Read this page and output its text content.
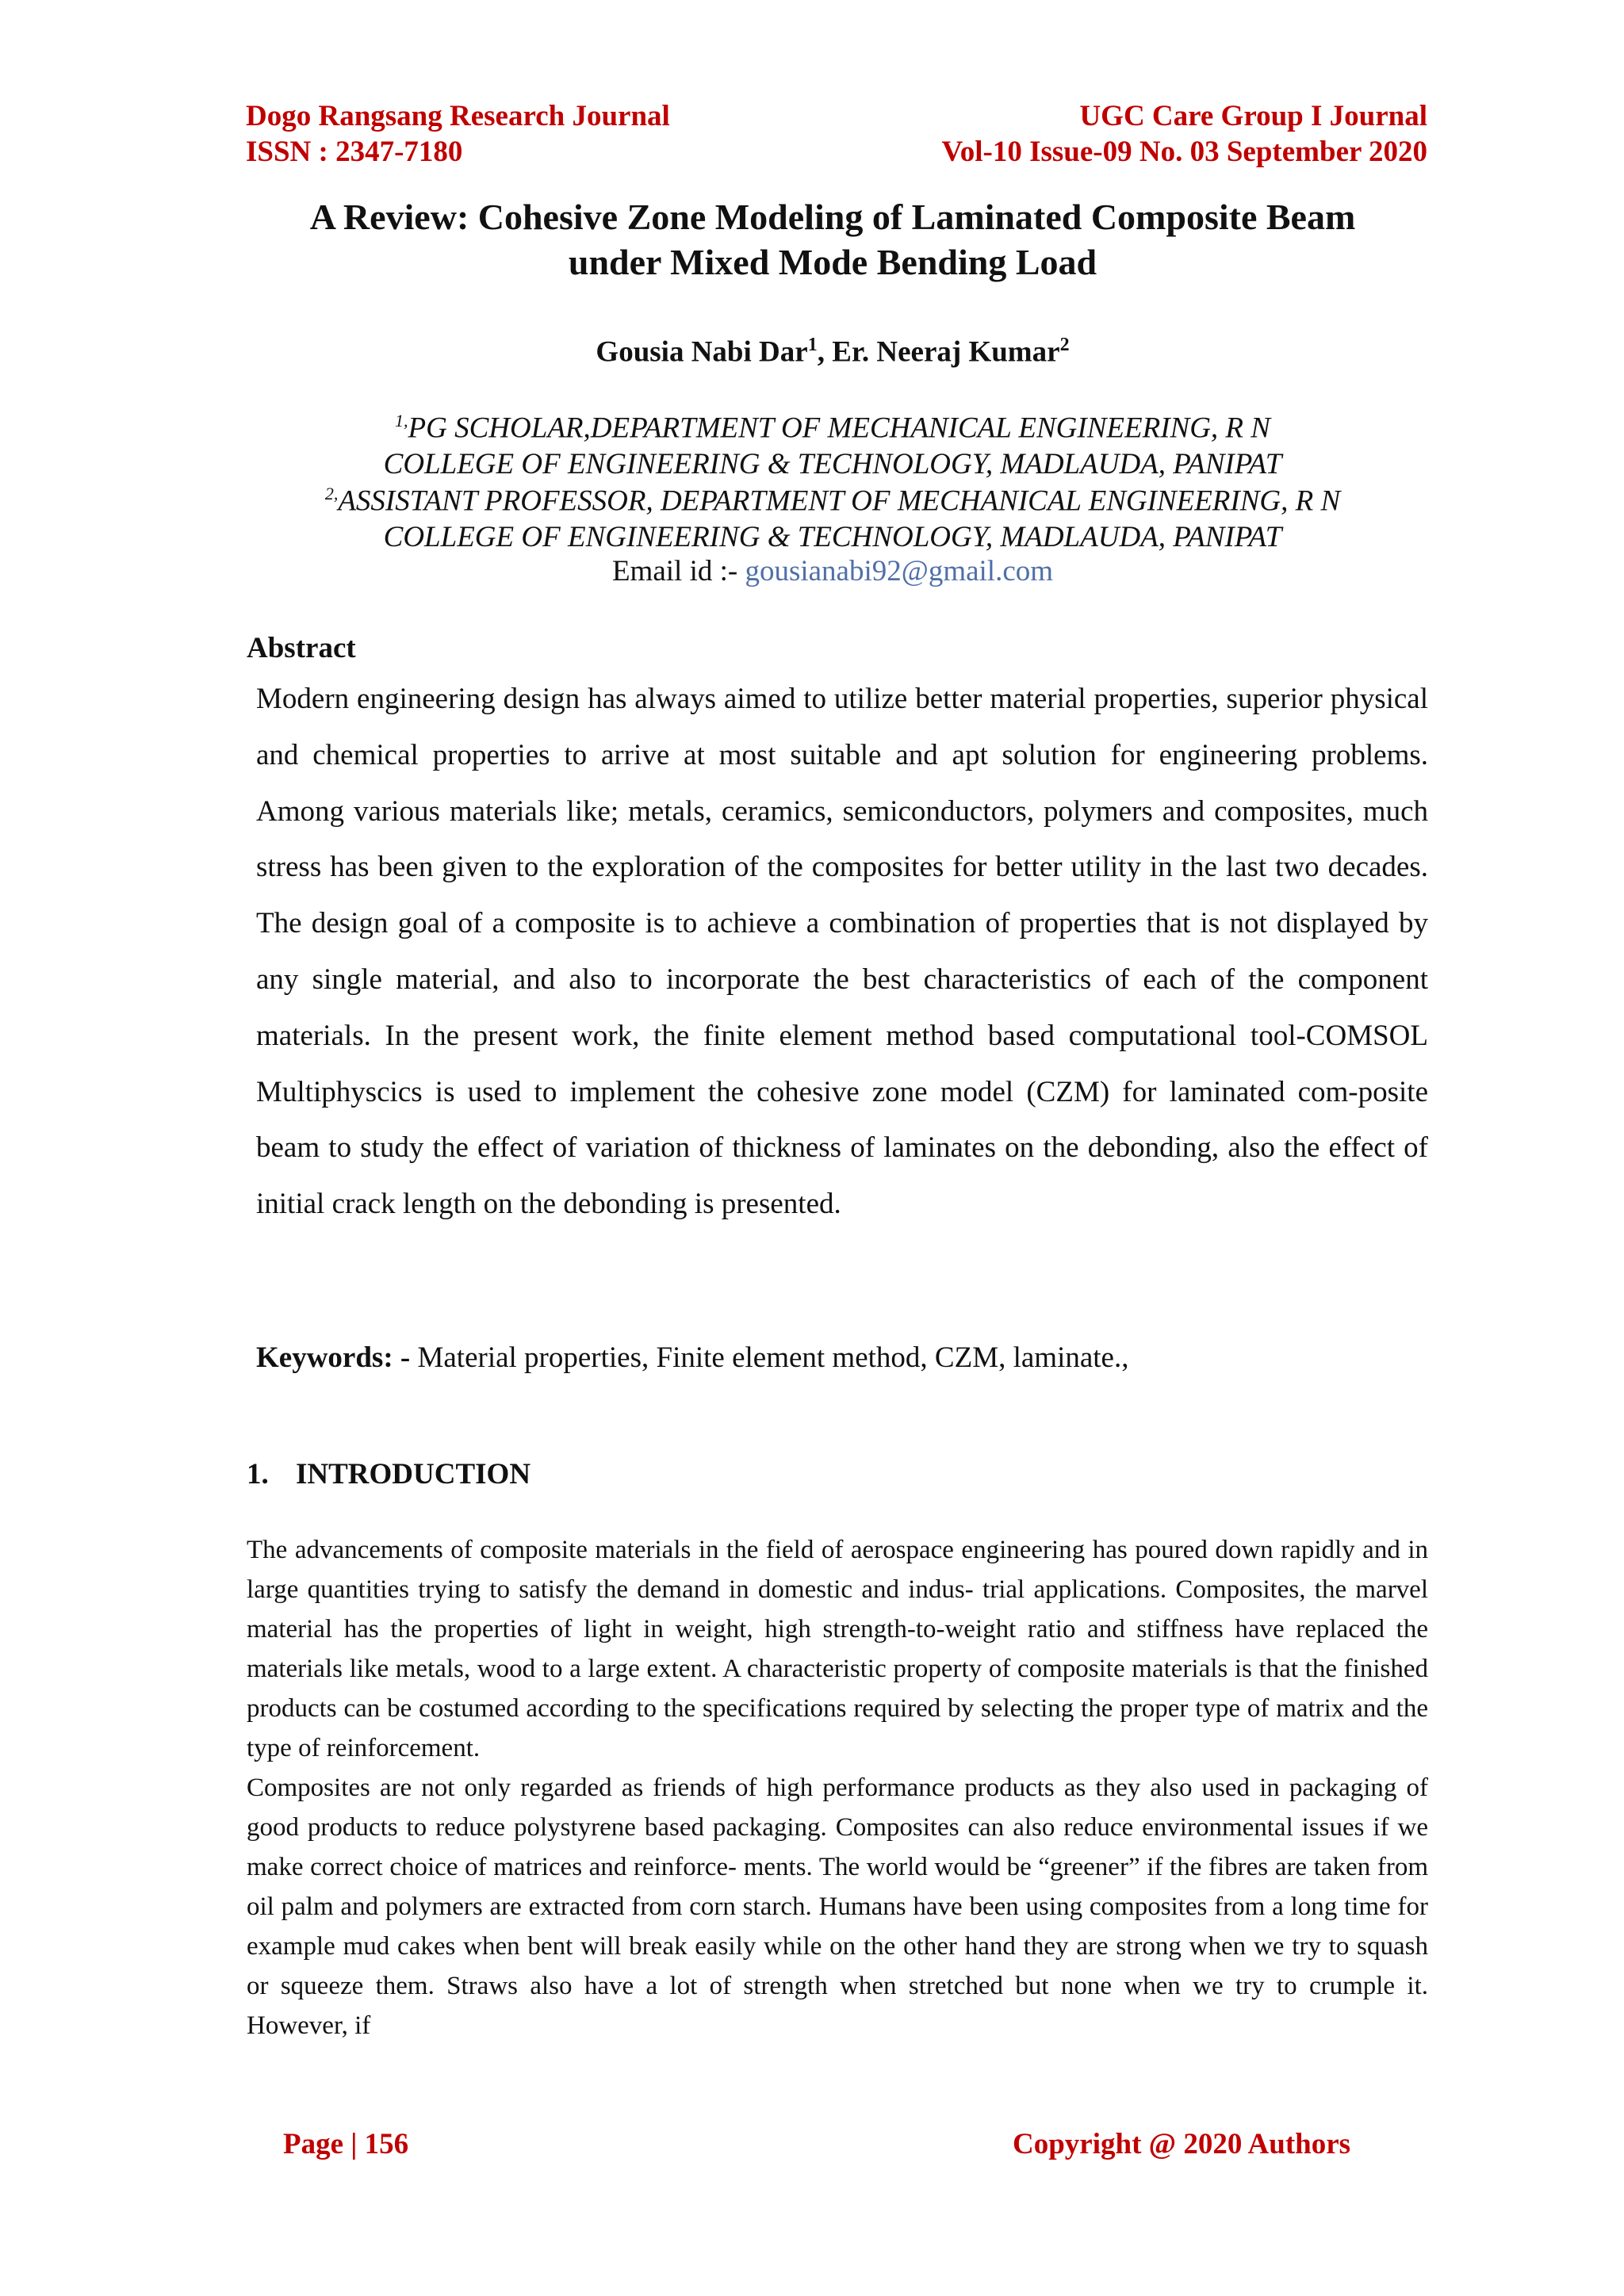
Dogo Rangsang Research Journal	UGC Care Group I Journal
ISSN : 2347-7180	Vol-10 Issue-09 No. 03 September 2020
A Review: Cohesive Zone Modeling of Laminated Composite Beam
under Mixed Mode Bending Load
Gousia Nabi Dar$^1$, Er. Neeraj Kumar$^2$
$^{1,}$PG SCHOLAR,DEPARTMENT OF MECHANICAL ENGINEERING, R N
COLLEGE OF ENGINEERING & TECHNOLOGY, MADLAUDA, PANIPAT
$^{2,}$ASSISTANT PROFESSOR, DEPARTMENT OF MECHANICAL ENGINEERING, R N
COLLEGE OF ENGINEERING & TECHNOLOGY, MADLAUDA, PANIPAT
Email id :- gousianabi92@gmail.com
Abstract

Modern engineering design has always aimed to utilize better material properties, superior physical and chemical properties to arrive at most suitable and apt solution for engineering problems. Among various materials like; metals, ceramics, semiconductors, polymers and composites, much stress has been given to the exploration of the composites for better utility in the last two decades. The design goal of a composite is to achieve a combination of properties that is not displayed by any single material, and also to incorporate the best characteristics of each of the component materials. In the present work, the finite element method based computational tool-COMSOL Multiphyscics is used to implement the cohesive zone model (CZM) for laminated com-posite beam to study the effect of variation of thickness of laminates on the debonding, also the effect of initial crack length on the debonding is presented.

Keywords: - Material properties, Finite element method, CZM, laminate.,
1. INTRODUCTION

The advancements of composite materials in the field of aerospace engineering has poured down rapidly and in large quantities trying to satisfy the demand in domestic and indus- trial applications. Composites, the marvel material has the properties of light in weight, high strength-to-weight ratio and stiffness have replaced the materials like metals, wood to a large extent. A characteristic property of composite materials is that the finished products can be costumed according to the specifications required by selecting the proper type of matrix and the type of reinforcement.

Composites are not only regarded as friends of high performance products as they also used in packaging of good products to reduce polystyrene based packaging. Composites can also reduce environmental issues if we make correct choice of matrices and reinforce- ments. The world would be “greener” if the fibres are taken from oil palm and polymers are extracted from corn starch. Humans have been using composites from a long time for example mud cakes when bent will break easily while on the other hand they are strong when we try to squash or squeeze them. Straws also have a lot of strength when stretched but none when we try to crumple it. However, if

Page | 156	Copyright @ 2020 Authors
